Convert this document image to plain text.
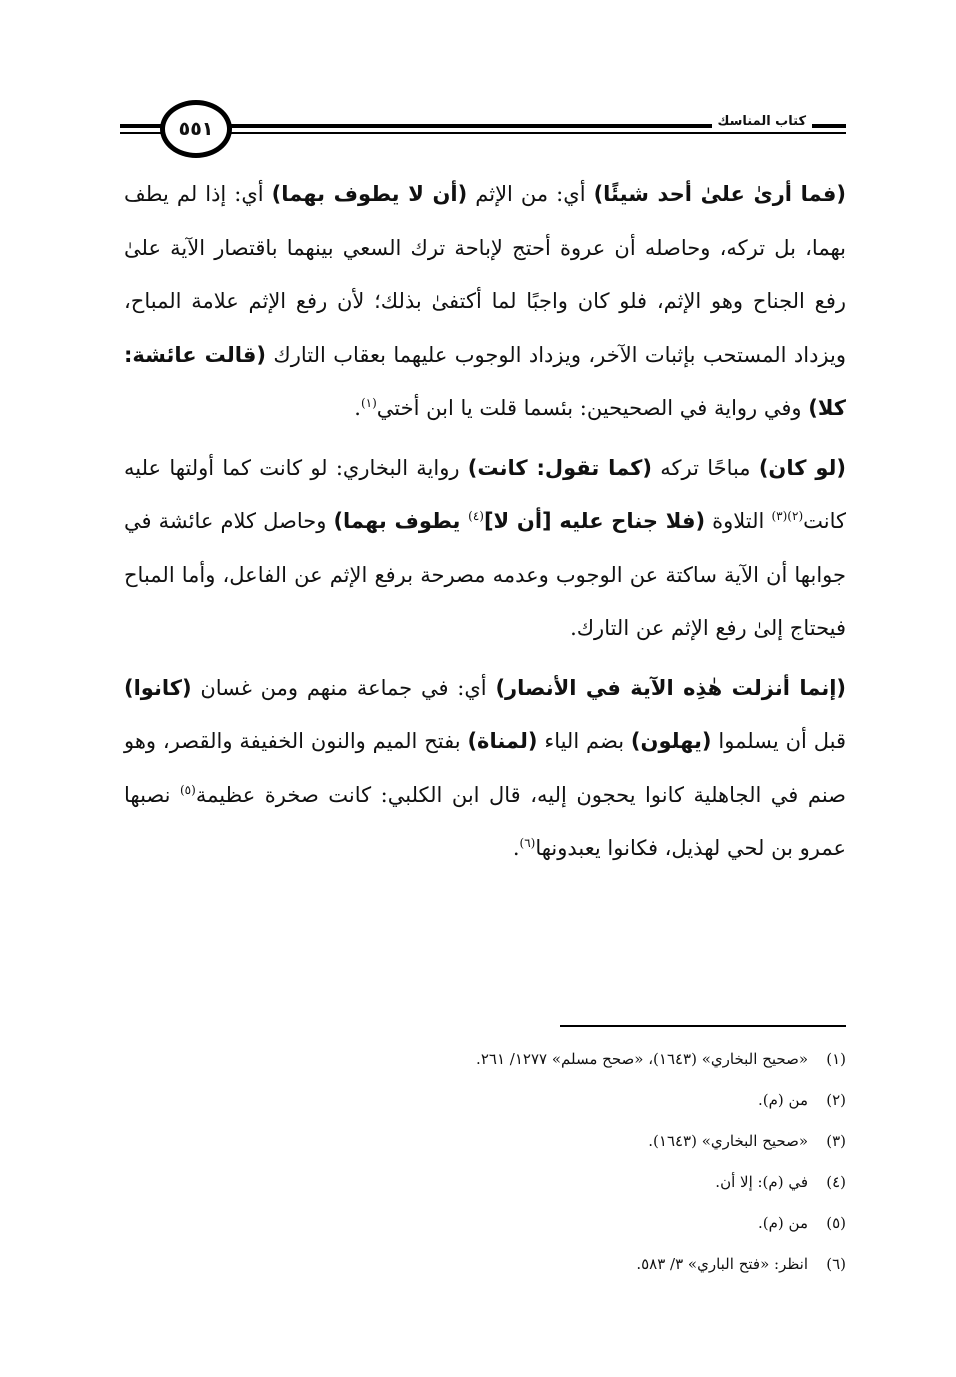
كتاب المناسك
٥٥١

(فما أرىٰ علىٰ أحد شيئًا) أي: من الإثم (أن لا يطوف بهما) أي: إذا لم يطف بهما، بل تركه، وحاصله أن عروة أحتج لإباحة ترك السعي بينهما باقتصار الآية علىٰ رفع الجناح وهو الإثم، فلو كان واجبًا لما أكتفىٰ بذلك؛ لأن رفع الإثم علامة المباح، ويزداد المستحب بإثبات الآخر، ويزداد الوجوب عليهما بعقاب التارك (قالت عائشة: كلا) وفي رواية في الصحيحين: بئسما قلت يا ابن أختي$^{(١)}$.

(لو كان) مباحًا تركه (كما تقول: كانت) رواية البخاري: لو كانت كما أولتها عليه كانت$^{(٢)(٣)}$ التلاوة (فلا جناح عليه [أن لا]$^{(٤)}$ يطوف بهما) وحاصل كلام عائشة في جوابها أن الآية ساكتة عن الوجوب وعدمه مصرحة برفع الإثم عن الفاعل، وأما المباح فيحتاج إلىٰ رفع الإثم عن التارك.

(إنما أنزلت هٰذِه الآية في الأنصار) أي: في جماعة منهم ومن غسان (كانوا) قبل أن يسلموا (يهلون) بضم الياء (لمناة) بفتح الميم والنون الخفيفة والقصر، وهو صنم في الجاهلية كانوا يحجون إليه، قال ابن الكلبي: كانت صخرة عظيمة$^{(٥)}$ نصبها عمرو بن لحي لهذيل، فكانوا يعبدونها$^{(٦)}$.

(١)
«صحيح البخاري» (١٦٤٣)، «صحح مسلم» ١٢٧٧/ ٢٦١.
(٢)
من (م).
(٣)
«صحيح البخاري» (١٦٤٣).
(٤)
في (م): إلا أن.
(٥)
من (م).
(٦)
انظر: «فتح الباري» ٣/ ٥٨٣.
